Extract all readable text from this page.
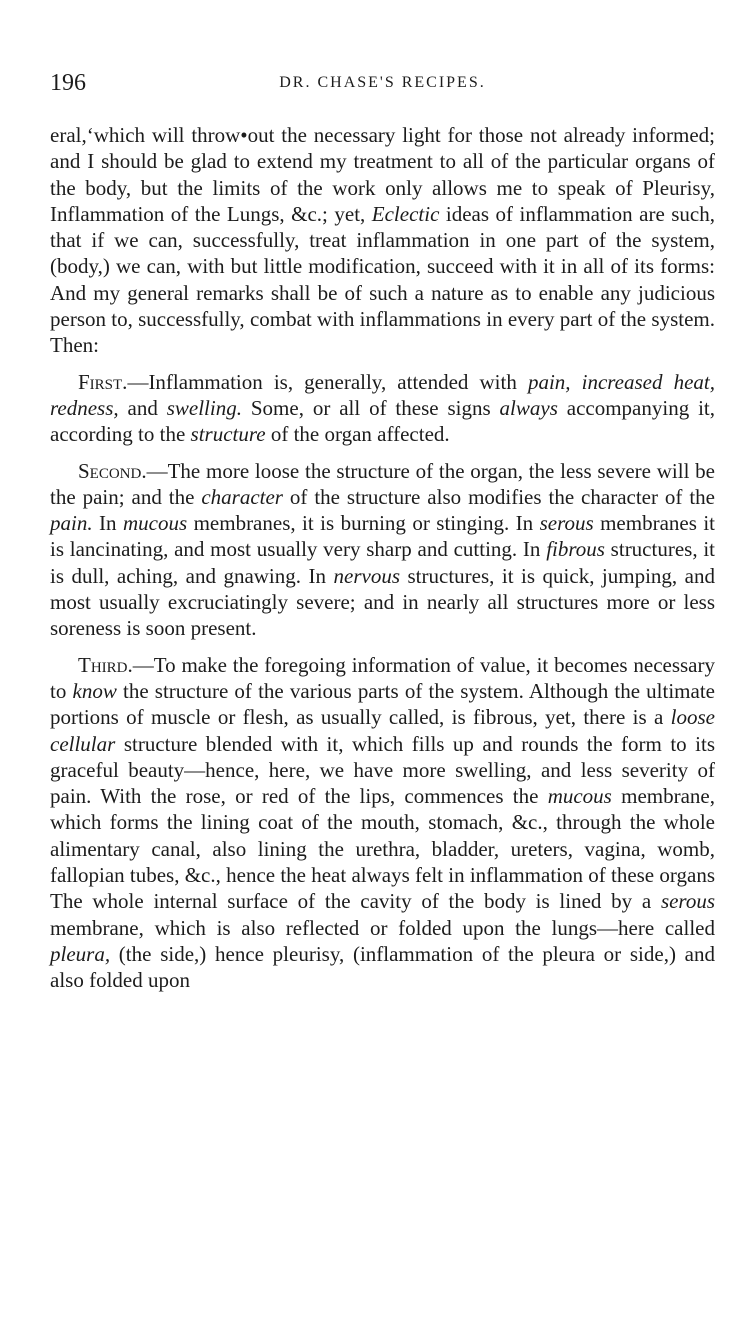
196	DR. CHASE'S RECIPES.

eral,ʻwhich will throw•out the necessary light for those not already informed; and I should be glad to extend my treatment to all of the particular organs of the body, but the limits of the work only allows me to speak of Pleurisy, Inflammation of the Lungs, &c.; yet, Eclectic ideas of inflammation are such, that if we can, successfully, treat inflammation in one part of the system, (body,) we can, with but little modification, succeed with it in all of its forms: And my general remarks shall be of such a nature as to enable any judicious person to, successfully, combat with inflammations in every part of the system. Then:

First.—Inflammation is, generally, attended with pain, increased heat, redness, and swelling. Some, or all of these signs always accompanying it, according to the structure of the organ affected.

Second.—The more loose the structure of the organ, the less severe will be the pain; and the character of the structure also modifies the character of the pain. In mucous membranes, it is burning or stinging. In serous membranes it is lancinating, and most usually very sharp and cutting. In fibrous structures, it is dull, aching, and gnawing. In nervous structures, it is quick, jumping, and most usually excruciatingly severe; and in nearly all structures more or less soreness is soon present.

Third.—To make the foregoing information of value, it becomes necessary to know the structure of the various parts of the system. Although the ultimate portions of muscle or flesh, as usually called, is fibrous, yet, there is a loose cellular structure blended with it, which fills up and rounds the form to its graceful beauty—hence, here, we have more swelling, and less severity of pain. With the rose, or red of the lips, commences the mucous membrane, which forms the lining coat of the mouth, stomach, &c., through the whole alimentary canal, also lining the urethra, bladder, ureters, vagina, womb, fallopian tubes, &c., hence the heat always felt in inflammation of these organs The whole internal surface of the cavity of the body is lined by a serous membrane, which is also reflected or folded upon the lungs—here called pleura, (the side,) hence pleurisy, (inflammation of the pleura or side,) and also folded upon
